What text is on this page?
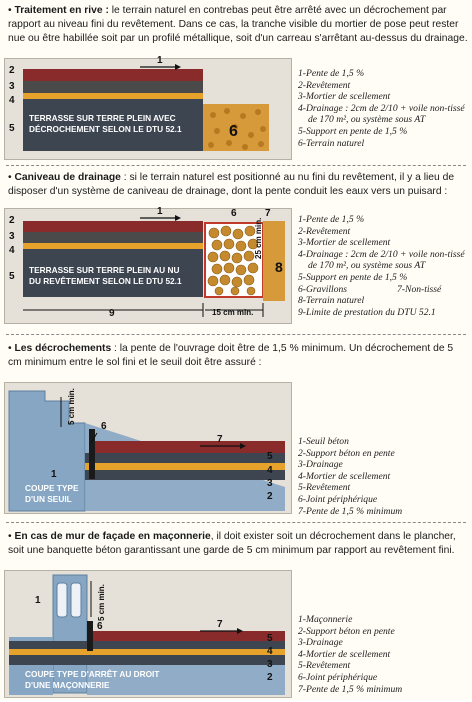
• Traitement en rive : le terrain naturel en contrebas peut être arrêté avec un décrochement par rapport au niveau fini du revêtement. Dans ce cas, la tranche visible du mortier de pose peut rester nue ou être habillée soit par un profilé métallique, soit d'un carreau s'arrêtant au-dessus du drainage.
2
3
4
5
1
6
TERRASSE SUR TERRE PLEIN AVEC
DÉCROCHEMENT SELON LE DTU 52.1
1-Pente de 1,5 %
2-Revêtement
3-Mortier de scellement
4-Drainage : 2cm de 2/10 + voile non-tissé
de 170 m², ou système sous AT
5-Support en pente de 1,5 %
6-Terrain naturel
• Caniveau de drainage : si le terrain naturel est positionné au nu fini du revêtement, il y a lieu de disposer d'un système de caniveau de drainage, dont la pente conduit les eaux vers un puisard :
2
3
4
5
1	6	7
8
9	15 cm min.
25 cm min.
TERRASSE SUR TERRE PLEIN AU NU
DU REVÊTEMENT SELON LE DTU 52.1
1-Pente de 1,5 %
2-Revêtement
3-Mortier de scellement
4-Drainage : 2cm de 2/10 + voile non-tissé
de 170 m², ou système sous AT
5-Support en pente de 1,5 %
6-Gravillons	7-Non-tissé
8-Terrain naturel
9-Limite de prestation du DTU 52.1
• Les décrochements : la pente de l'ouvrage doit être de 1,5 % minimum. Un décrochement de 5 cm minimum entre le sol fini et le seuil doit être assuré :
1
5
4
3
2
6
7
5 cm min.
COUPE TYPE
D'UN SEUIL
1-Seuil béton
2-Support béton en pente
3-Drainage
4-Mortier de scellement
5-Revêtement
6-Joint périphérique
7-Pente de 1,5 % minimum
• En cas de mur de façade en maçonnerie, il doit exister soit un décrochement dans le plancher, soit une banquette béton garantissant une garde de 5 cm minimum par rapport au revêtement fini.
1
5
4
3
2
6	7
5 cm min.
COUPE TYPE D'ARRÊT AU DROIT
D'UNE MAÇONNERIE
1-Maçonnerie
2-Support béton en pente
3-Drainage
4-Mortier de scellement
5-Revêtement
6-Joint périphérique
7-Pente de 1,5 % minimum
